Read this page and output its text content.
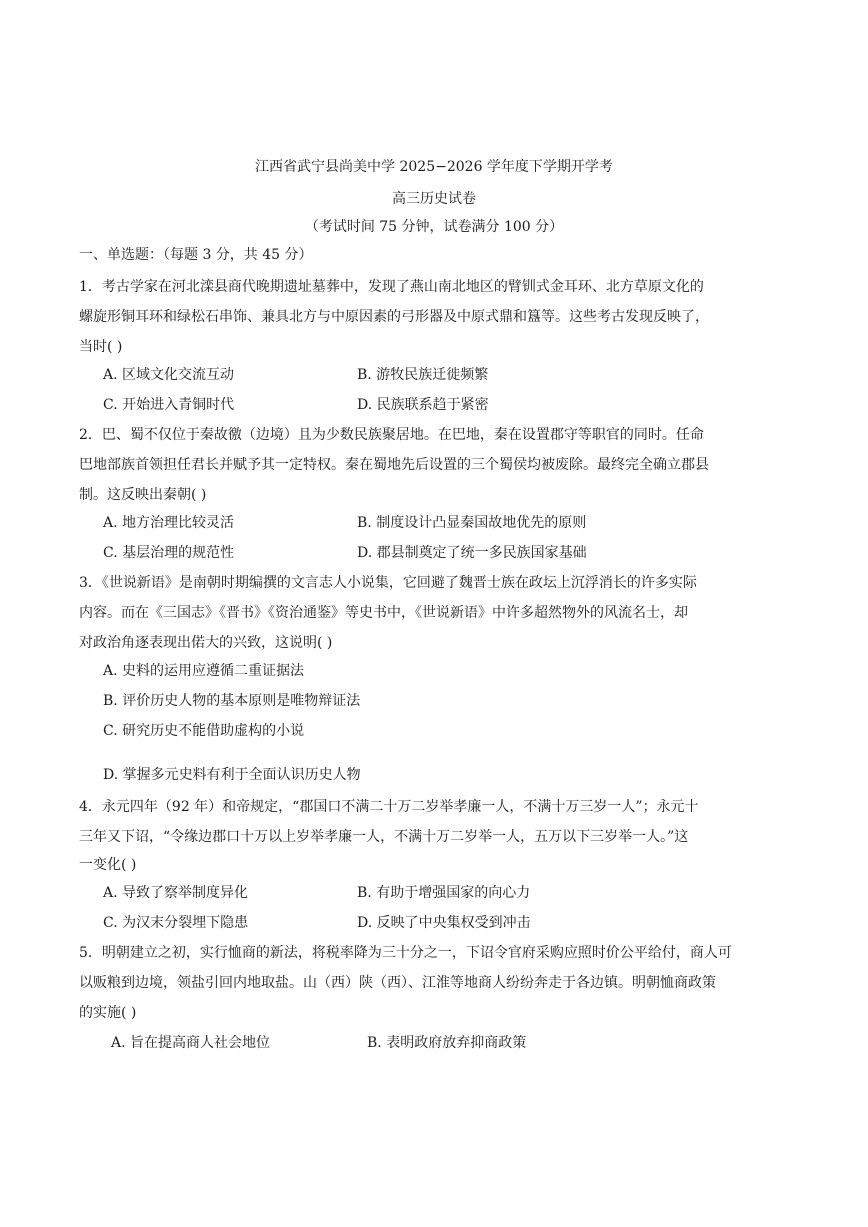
江西省武宁县尚美中学 2025−2026 学年度下学期开学考
高三历史试卷
（考试时间 75 分钟，试卷满分 100 分）
一、单选题：（每题 3 分，共 45 分）
1．考古学家在河北滦县商代晚期遗址墓葬中，发现了燕山南北地区的臂钏式金耳环、北方草原文化的
螺旋形铜耳环和绿松石串饰、兼具北方与中原因素的弓形器及中原式鼎和簋等。这些考古发现反映了，
当时( )
A. 区域文化交流互动	B. 游牧民族迁徙频繁
C. 开始进入青铜时代	D. 民族联系趋于紧密
2．巴、蜀不仅位于秦故徼（边境）且为少数民族聚居地。在巴地，秦在设置郡守等职官的同时。任命
巴地部族首领担任君长并赋予其一定特权。秦在蜀地先后设置的三个蜀侯均被废除。最终完全确立郡县
制。这反映出秦朝( )
A. 地方治理比较灵活	B. 制度设计凸显秦国故地优先的原则
C. 基层治理的规范性	D. 郡县制奠定了统一多民族国家基础
3．《世说新语》是南朝时期编撰的文言志人小说集，它回避了魏晋士族在政坛上沉浮消长的许多实际
内容。而在《三国志》《晋书》《资治通鉴》等史书中，《世说新语》中许多超然物外的风流名士，却
对政治角逐表现出偌大的兴致，这说明( )
A. 史料的运用应遵循二重证据法
B. 评价历史人物的基本原则是唯物辩证法
C. 研究历史不能借助虚构的小说
D. 掌握多元史料有利于全面认识历史人物
4．永元四年（92 年）和帝规定，“郡国口不满二十万二岁举孝廉一人，不满十万三岁一人”；永元十
三年又下诏，“令缘边郡口十万以上岁举孝廉一人，不满十万二岁举一人，五万以下三岁举一人。”这
一变化( )
A. 导致了察举制度异化	B. 有助于增强国家的向心力
C. 为汉末分裂埋下隐患	D. 反映了中央集权受到冲击
5．明朝建立之初，实行恤商的新法，将税率降为三十分之一，下诏令官府采购应照时价公平给付，商人可
以贩粮到边境，领盐引回内地取盐。山（西）陕（西）、江淮等地商人纷纷奔走于各边镇。明朝恤商政策
的实施( )
A. 旨在提高商人社会地位	B. 表明政府放弃抑商政策
